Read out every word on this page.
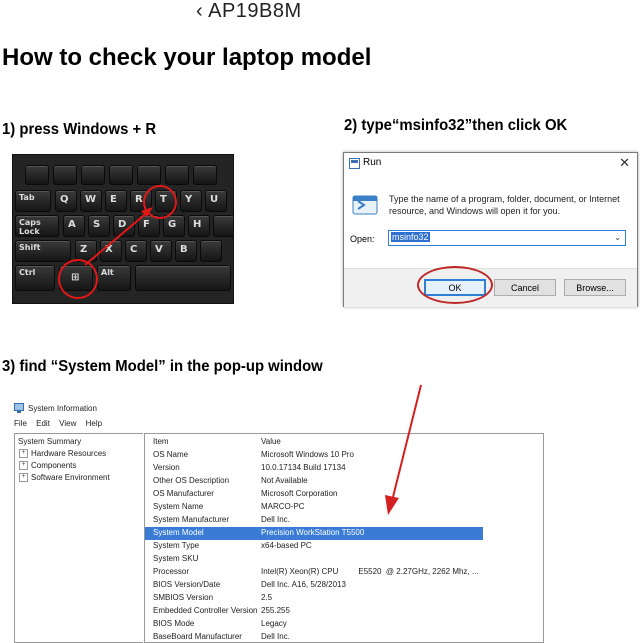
‹ AP19B8M
How to check your laptop model
1) press Windows + R	2) type“msinfo32”then click OK
3) find “System Model” in the pop-up window
Tab	Q	W	E	R	T	Y	U
Caps Lock
A	S	D	F	G	H
Shift	Z	X	C	V	B
Ctrl	⊞	Alt
Run	✕
Type the name of a program, folder, document, or Internet resource, and Windows will open it for you.
Open: msinfo32	⌄
OK	Cancel	Browse...
System Information
File Edit View Help
System Summary
+ Hardware Resources
+ Components
+ Software Environment
Item	Value
OS Name	Microsoft Windows 10 Pro
Version	10.0.17134 Build 17134
Other OS Description	Not Available
OS Manufacturer	Microsoft Corporation
System Name	MARCO-PC
System Manufacturer	Dell Inc.
System Model	Precision WorkStation T5500
System Type	x64-based PC
System SKU
Processor	Intel(R) Xeon(R) CPU         E5520  @ 2.27GHz, 2262 Mhz, ...
BIOS Version/Date	Dell Inc. A16, 5/28/2013
SMBIOS Version	2.5
Embedded Controller Version 255.255
BIOS Mode	Legacy
BaseBoard Manufacturer Dell Inc.
